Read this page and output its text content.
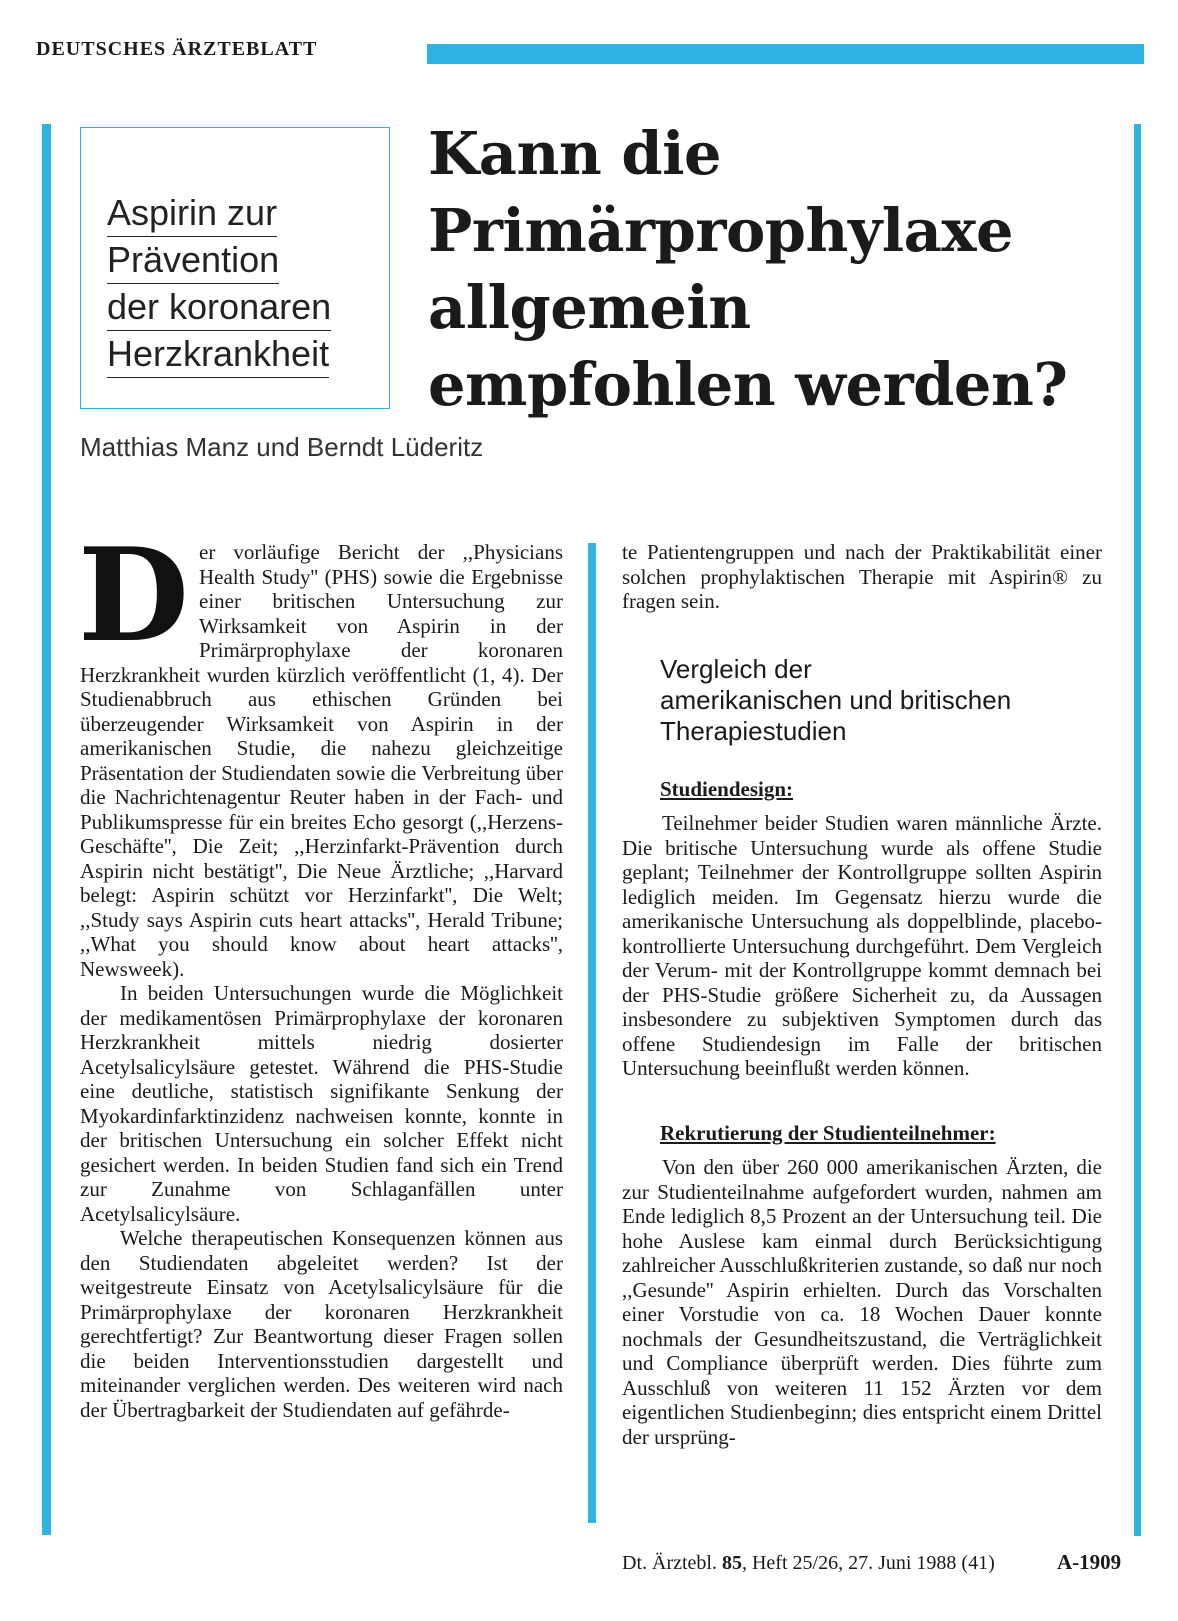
DEUTSCHES ÄRZTEBLATT
Aspirin zur
Prävention
der koronaren
Herzkrankheit
Kann die
Primärprophylaxe
allgemein
empfohlen werden?
Matthias Manz und Berndt Lüderitz

Der vorläufige Bericht der ,,Physicians Health Study'' (PHS) sowie die Ergebnisse einer britischen Untersuchung zur Wirksamkeit von Aspirin in der Primärprophylaxe der koronaren Herzkrankheit wurden kürzlich veröffentlicht (1, 4). Der Studienabbruch aus ethischen Gründen bei überzeugender Wirksamkeit von Aspirin in der amerikanischen Studie, die nahezu gleichzeitige Präsentation der Studiendaten sowie die Verbreitung über die Nachrichtenagentur Reuter haben in der Fach- und Publikumspresse für ein breites Echo gesorgt (,,Herzens-Geschäfte'', Die Zeit; ,,Herzinfarkt-Prävention durch Aspirin nicht bestätigt'', Die Neue Ärztliche; ,,Harvard belegt: Aspirin schützt vor Herzinfarkt'', Die Welt; ,,Study says Aspirin cuts heart attacks'', Herald Tribune; ,,What you should know about heart attacks'', Newsweek).

In beiden Untersuchungen wurde die Möglichkeit der medikamentösen Primärprophylaxe der koronaren Herzkrankheit mittels niedrig dosierter Acetylsalicylsäure getestet. Während die PHS-Studie eine deutliche, statistisch signifikante Senkung der Myokardinfarktinzidenz nachweisen konnte, konnte in der britischen Untersuchung ein solcher Effekt nicht gesichert werden. In beiden Studien fand sich ein Trend zur Zunahme von Schlaganfällen unter Acetylsalicylsäure.

Welche therapeutischen Konsequenzen können aus den Studiendaten abgeleitet werden? Ist der weitgestreute Einsatz von Acetylsalicylsäure für die Primärprophylaxe der koronaren Herzkrankheit gerechtfertigt? Zur Beantwortung dieser Fragen sollen die beiden Interventionsstudien dargestellt und miteinander verglichen werden. Des weiteren wird nach der Übertragbarkeit der Studiendaten auf gefährde-

te Patientengruppen und nach der Praktikabilität einer solchen prophylaktischen Therapie mit Aspirin® zu fragen sein.

Vergleich der
amerikanischen und britischen
Therapiestudien
Studiendesign:

Teilnehmer beider Studien waren männliche Ärzte. Die britische Untersuchung wurde als offene Studie geplant; Teilnehmer der Kontrollgruppe sollten Aspirin lediglich meiden. Im Gegensatz hierzu wurde die amerikanische Untersuchung als doppelblinde, placebo-kontrollierte Untersuchung durchgeführt. Dem Vergleich der Verum- mit der Kontrollgruppe kommt demnach bei der PHS-Studie größere Sicherheit zu, da Aussagen insbesondere zu subjektiven Symptomen durch das offene Studiendesign im Falle der britischen Untersuchung beeinflußt werden können.

Rekrutierung der Studienteilnehmer:

Von den über 260 000 amerikanischen Ärzten, die zur Studienteilnahme aufgefordert wurden, nahmen am Ende lediglich 8,5 Prozent an der Untersuchung teil. Die hohe Auslese kam einmal durch Berücksichtigung zahlreicher Ausschlußkriterien zustande, so daß nur noch ,,Gesunde'' Aspirin erhielten. Durch das Vorschalten einer Vorstudie von ca. 18 Wochen Dauer konnte nochmals der Gesundheitszustand, die Verträglichkeit und Compliance überprüft werden. Dies führte zum Ausschluß von weiteren 11 152 Ärzten vor dem eigentlichen Studienbeginn; dies entspricht einem Drittel der ursprüng-

Dt. Ärztebl. 85, Heft 25/26, 27. Juni 1988 (41)	A-1909
